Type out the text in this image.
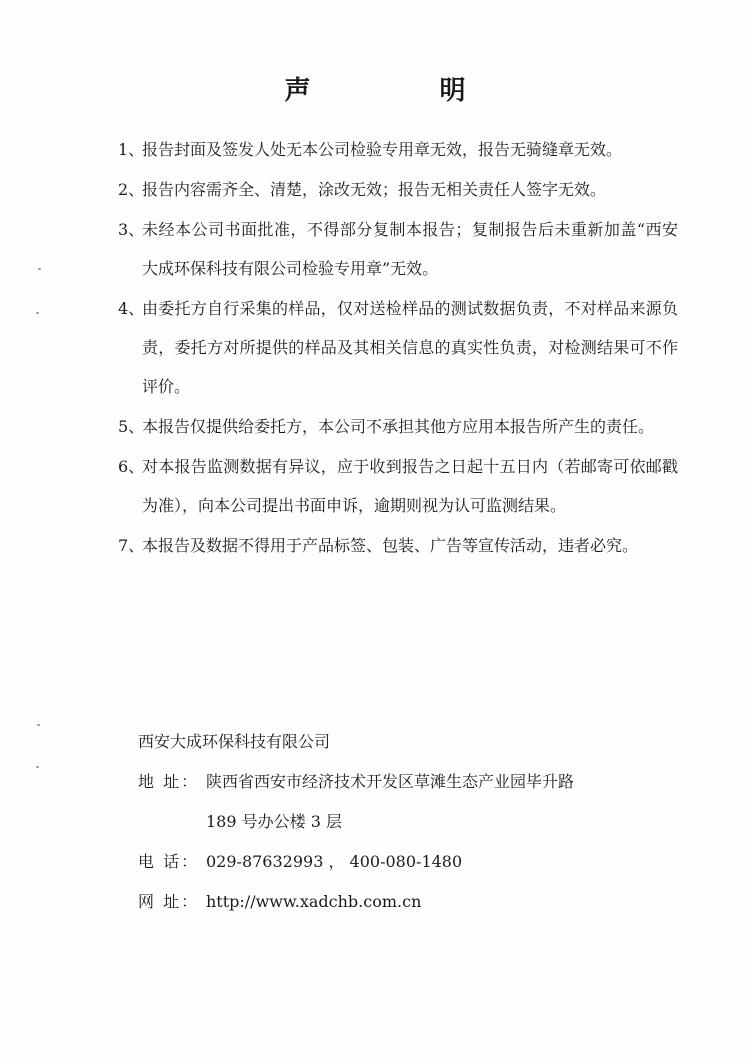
声 明
1、
报告封面及签发人处无本公司检验专用章无效，报告无骑缝章无效。
2、
报告内容需齐全、清楚，涂改无效；报告无相关责任人签字无效。
3、
未经本公司书面批准，不得部分复制本报告；复制报告后未重新加盖“西安大成环保科技有限公司检验专用章”无效。
4、
由委托方自行采集的样品，仅对送检样品的测试数据负责，不对样品来源负责，委托方对所提供的样品及其相关信息的真实性负责，对检测结果可不作评价。
5、
本报告仅提供给委托方，本公司不承担其他方应用本报告所产生的责任。
6、
对本报告监测数据有异议，应于收到报告之日起十五日内（若邮寄可依邮戳为准），向本公司提出书面申诉，逾期则视为认可监测结果。
7、
本报告及数据不得用于产品标签、包装、广告等宣传活动，违者必究。
西安大成环保科技有限公司
地 址： 陕西省西安市经济技术开发区草滩生态产业园毕升路
189 号办公楼 3 层
电 话： 029-87632993 ， 400-080-1480
网 址： http://www.xadchb.com.cn
